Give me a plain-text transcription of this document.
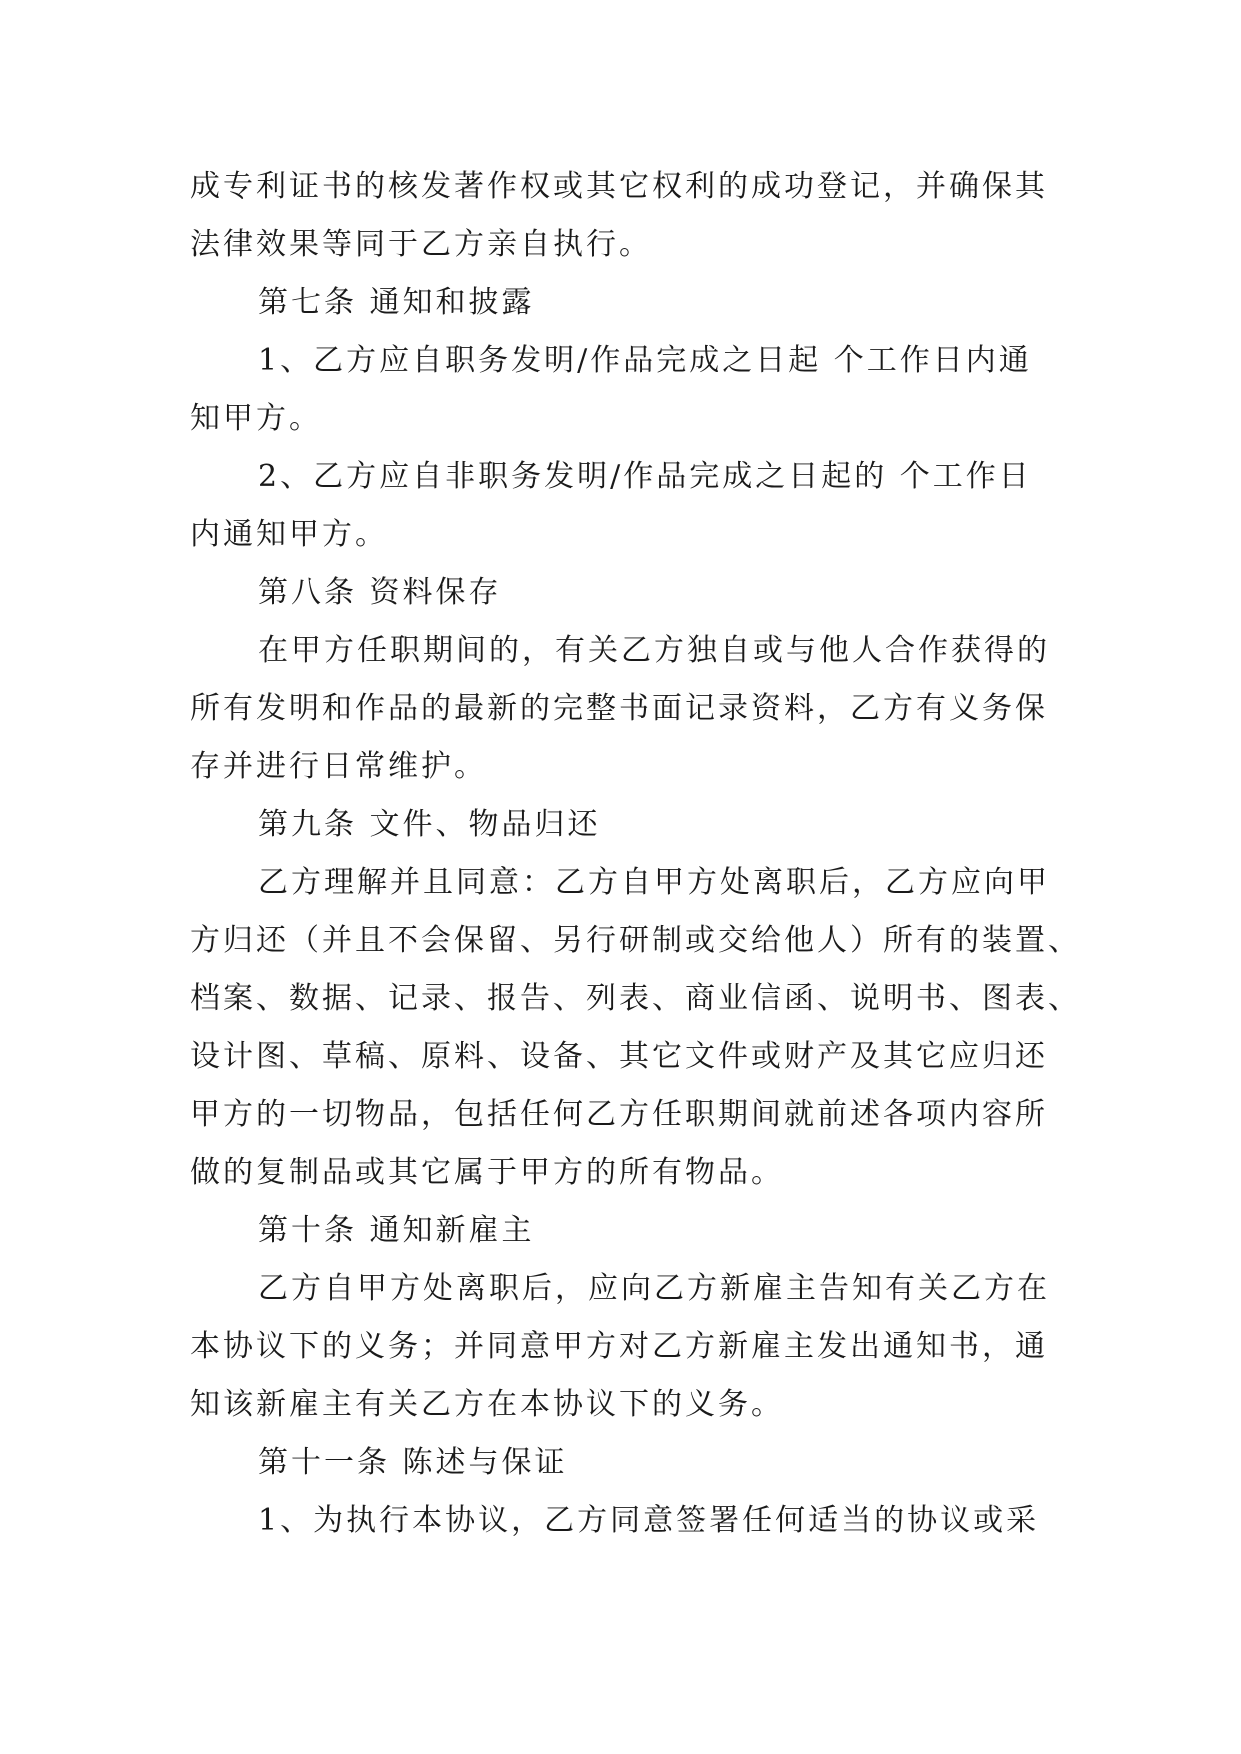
成专利证书的核发著作权或其它权利的成功登记，并确保其
法律效果等同于乙方亲自执行。
第七条 通知和披露
1、乙方应自职务发明/作品完成之日起 个工作日内通
知甲方。
2、乙方应自非职务发明/作品完成之日起的 个工作日
内通知甲方。
第八条 资料保存
在甲方任职期间的，有关乙方独自或与他人合作获得的
所有发明和作品的最新的完整书面记录资料，乙方有义务保
存并进行日常维护。
第九条 文件、物品归还
乙方理解并且同意：乙方自甲方处离职后，乙方应向甲
方归还（并且不会保留、另行研制或交给他人）所有的装置、
档案、数据、记录、报告、列表、商业信函、说明书、图表、
设计图、草稿、原料、设备、其它文件或财产及其它应归还
甲方的一切物品，包括任何乙方任职期间就前述各项内容所
做的复制品或其它属于甲方的所有物品。
第十条 通知新雇主
乙方自甲方处离职后，应向乙方新雇主告知有关乙方在
本协议下的义务；并同意甲方对乙方新雇主发出通知书，通
知该新雇主有关乙方在本协议下的义务。
第十一条 陈述与保证
1、为执行本协议，乙方同意签署任何适当的协议或采
